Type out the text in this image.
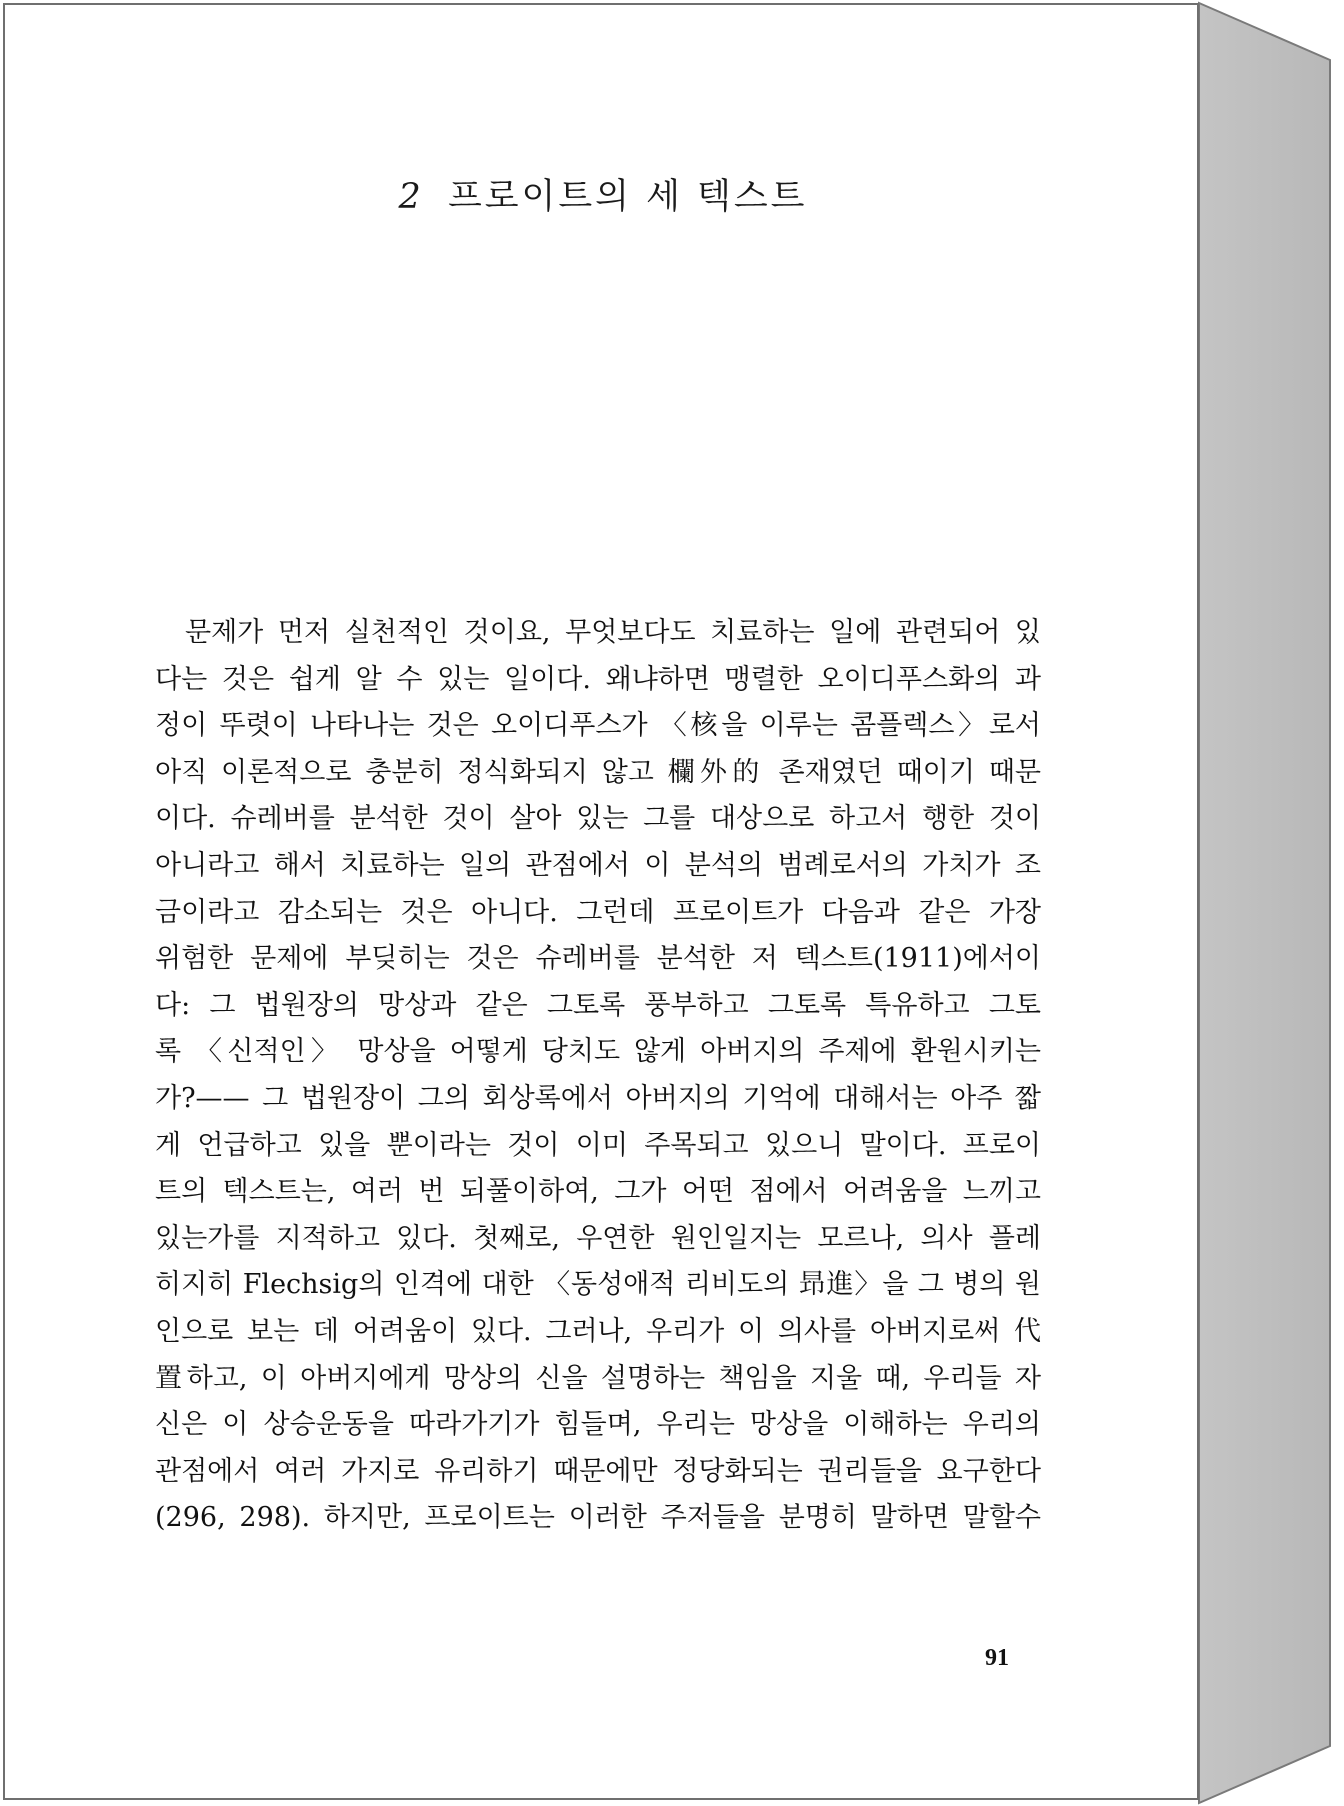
2 프로이트의 세 텍스트
문제가 먼저 실천적인 것이요, 무엇보다도 치료하는 일에 관련되어 있
다는 것은 쉽게 알 수 있는 일이다. 왜냐하면 맹렬한 오이디푸스화의 과
정이 뚜렷이 나타나는 것은 오이디푸스가 〈核을 이루는 콤플렉스〉로서
아직 이론적으로 충분히 정식화되지 않고 欄外的 존재였던 때이기 때문
이다. 슈레버를 분석한 것이 살아 있는 그를 대상으로 하고서 행한 것이
아니라고 해서 치료하는 일의 관점에서 이 분석의 범례로서의 가치가 조
금이라고 감소되는 것은 아니다. 그런데 프로이트가 다음과 같은 가장
위험한 문제에 부딪히는 것은 슈레버를 분석한 저 텍스트(1911)에서이
다: 그 법원장의 망상과 같은 그토록 풍부하고 그토록 특유하고 그토
록 〈신적인〉 망상을 어떻게 당치도 않게 아버지의 주제에 환원시키는
가?—— 그 법원장이 그의 회상록에서 아버지의 기억에 대해서는 아주 짧
게 언급하고 있을 뿐이라는 것이 이미 주목되고 있으니 말이다. 프로이
트의 텍스트는, 여러 번 되풀이하여, 그가 어떤 점에서 어려움을 느끼고
있는가를 지적하고 있다. 첫째로, 우연한 원인일지는 모르나, 의사 플레
히지히 Flechsig의 인격에 대한 〈동성애적 리비도의 昻進〉을 그 병의 원
인으로 보는 데 어려움이 있다. 그러나, 우리가 이 의사를 아버지로써 代
置하고, 이 아버지에게 망상의 신을 설명하는 책임을 지울 때, 우리들 자
신은 이 상승운동을 따라가기가 힘들며, 우리는 망상을 이해하는 우리의
관점에서 여러 가지로 유리하기 때문에만 정당화되는 권리들을 요구한다
(296, 298). 하지만, 프로이트는 이러한 주저들을 분명히 말하면 말할수
91
